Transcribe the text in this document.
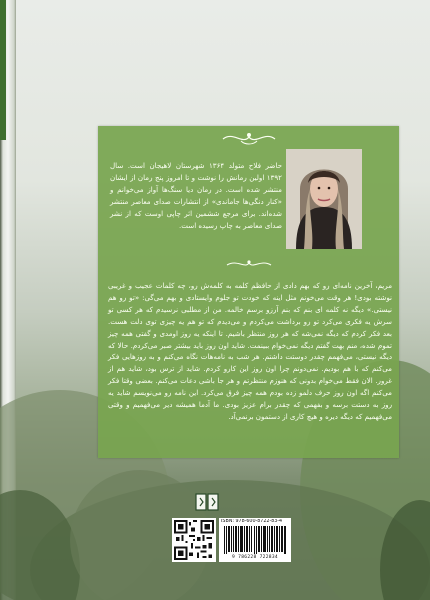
حاضر فلاح متولد ۱۳۶۴ شهرستان لاهیجان است. سال ۱۳۹۲ اولین رمانش را نوشت و تا امروز پنج رمان از ایشان منتشر شده است. در رمان دیا سنگ‌ها آواز می‌خوانم و «کنار دنگی‌ها جاماندی» از انتشارات صدای معاصر منتشر شده‌اند. برای مرجع ششمین اثر چاپی اوست که از نشر صدای معاصر به چاپ رسیده است.
مریم، آخرین نامه‌ای رو که بهم دادی از حافظم کلمه به کلمه‌ش رو، چه کلمات عجیب و غریبی نوشته بودی! هر وقت می‌خونم مثل اینه که خودت تو جلوم وایستادی و بهم می‌گی: «تو رو هم نیستی.» دیگه نه کلمه ای بنم که بنم آرزو برسم خالمه. من از مطلبی نرسیدم که هر کسی تو سرش یه فکری می‌کرد تو رو برداشت می‌کردم و می‌دیدم که تو هم یه چیزی توی دلت هست. بعد فکر کردم که دیگه نمی‌شه که هر روز منتظر باشیم. تا اینکه یه روز اومدی و گفتی همه چیز تموم شده، منم بهت گفتم دیگه نمی‌خوام ببینمت. شاید اون روز باید بیشتر صبر می‌کردم. حالا که دیگه نیستی، می‌فهمم چقدر دوستت داشتم. هر شب به نامه‌هات نگاه می‌کنم و به روزهایی فکر می‌کنم که با هم بودیم. نمی‌دونم چرا اون روز این کارو کردم. شاید از ترس بود، شاید هم از غرور. الان فقط می‌خوام بدونی که هنوزم منتظرتم و هر جا باشی دعات می‌کنم. بعضی وقتا فکر می‌کنم اگه اون روز حرف دلمو زده بودم همه چیز فرق می‌کرد. این نامه رو می‌نویسم شاید یه روز به دستت برسه و بفهمی که چقدر برام عزیز بودی. ما آدما همیشه دیر می‌فهمیم و وقتی می‌فهمیم که دیگه دیره و هیچ کاری از دستمون برنمی‌آد.
ISBN: 978-600-8722-83-4
9 786228 722834
